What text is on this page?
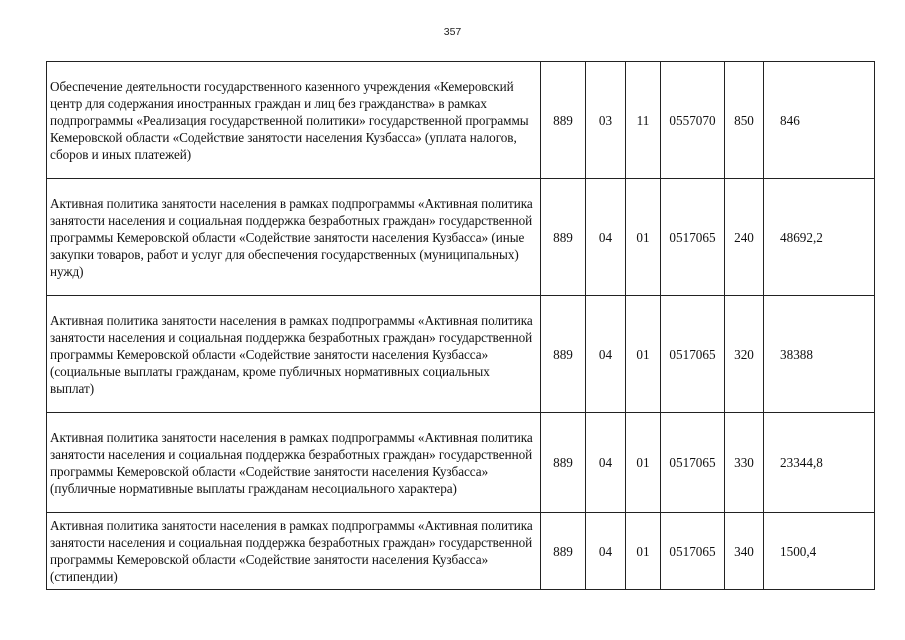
357
Обеспечение деятельности государственного казенного учреждения «Кемеровский центр для содержания иностранных граждан и лиц без гражданства» в рамках подпрограммы «Реализация государственной политики» государственной программы Кемеровской области «Содействие занятости населения Кузбасса» (уплата налогов, сборов и иных платежей)	889	03	11	0557070	850	846
Активная политика занятости населения в рамках подпрограммы «Активная политика занятости населения и социальная поддержка безработных граждан» государственной программы Кемеровской области «Содействие занятости населения Кузбасса» (иные закупки товаров, работ и услуг для обеспечения государственных (муниципальных) нужд)	889	04	01	0517065	240	48692,2
Активная политика занятости населения в рамках подпрограммы «Активная политика занятости населения и социальная поддержка безработных граждан» государственной программы Кемеровской области «Содействие занятости населения Кузбасса» (социальные выплаты гражданам, кроме публичных нормативных социальных выплат)	889	04	01	0517065	320	38388
Активная политика занятости населения в рамках подпрограммы «Активная политика занятости населения и социальная поддержка безработных граждан» государственной программы Кемеровской области «Содействие занятости населения Кузбасса» (публичные нормативные выплаты гражданам несоциального характера)	889	04	01	0517065	330	23344,8
Активная политика занятости населения в рамках подпрограммы «Активная политика занятости населения и социальная поддержка безработных граждан» государственной программы Кемеровской области «Содействие занятости населения Кузбасса» (стипендии)	889	04	01	0517065	340	1500,4
